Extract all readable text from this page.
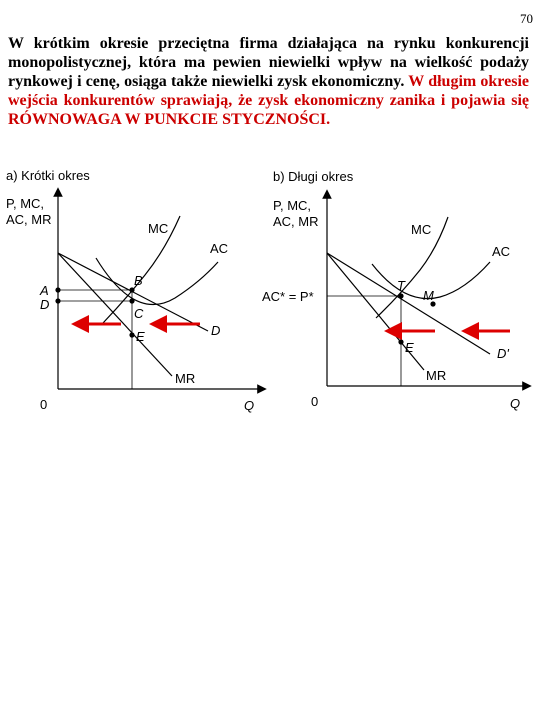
70
W krótkim okresie przeciętna firma działająca na rynku konkurencji monopolistycznej, która ma pewien niewielki wpływ na wielkość podaży rynkowej i cenę, osiąga także niewielki zysk ekonomiczny. W długim okresie wejścia konkurentów sprawiają, że zysk ekonomiczny zanika i pojawia się RÓWNOWAGA W PUNKCIE STYCZNOŚCI.
a) Krótki okres
P, MC,
AC, MR
0	Q
MC
AC
D
MR
B
C
E
A
D
b) Długi okres
P, MC,
AC, MR
0	Q
MC
AC
D'
MR
T
M
E
AC* = P*
